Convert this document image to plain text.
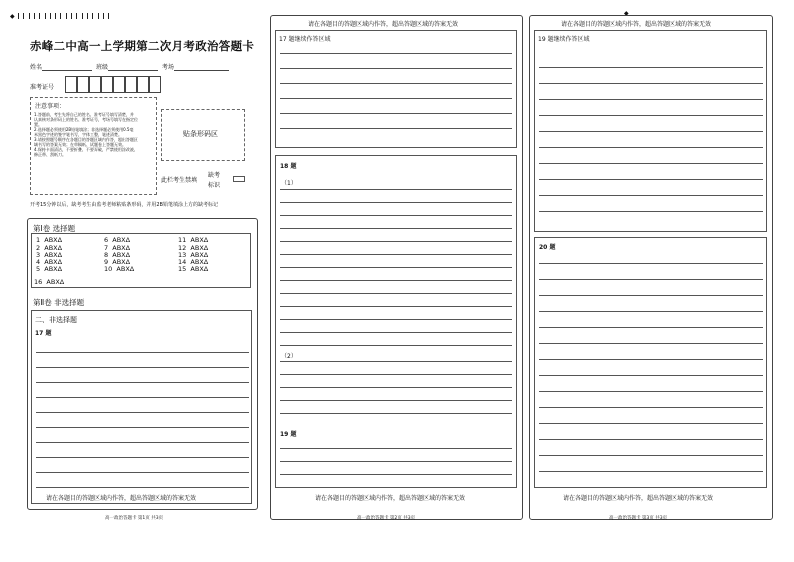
◆
赤峰二中高一上学期第二次月考政治答题卡
姓名	班级	考场
准考证号
注意事项：
1.答题前，考生先将自己的姓名、准考证号填写清楚，并
认真核对条形码上的姓名、准考证号，考场号填写在指定位
置。
2.选择题必须使用2B铅笔填涂；非选择题必须使用0.5毫
米黑色字迹的签字笔书写，字体工整，笔迹清楚。
3.请按照题号顺序在各题目的答题区域内作答，超出答题区
域书写的答案无效；在草稿纸、试题卷上答题无效。
4.保持卡面清洁，不要折叠、不要弄破，严禁使用涂改液、
修正带、刮纸刀。
贴条形码区
此栏考生禁填
缺考
标识
开考15分钟以后，缺考考生由监考老师粘贴条形码，并用2B铅笔填涂上方的缺考标记
第Ⅰ卷 选择题
1 ABXΔ
2 ABXΔ
3 ABXΔ
4 ABXΔ
5 ABXΔ
16 ABXΔ
6 ABXΔ
7 ABXΔ
8 ABXΔ
9 ABXΔ
10 ABXΔ
11 ABXΔ
12 ABXΔ
13 ABXΔ
14 ABXΔ
15 ABXΔ
第Ⅱ卷 非选择题
二、非选择题
17 题
请在各题目的答题区域内作答，超出答题区域的答案无效
高一政治答题卡 第1页 共3页
请在各题目的答题区域内作答，超出答题区域的答案无效
17 题继续作答区域
18 题
（1）
（2）
19 题
请在各题目的答题区域内作答，超出答题区域的答案无效
高一政治答题卡 第2页 共3页
◆
请在各题目的答题区域内作答，超出答题区域的答案无效
19 题继续作答区域
20 题
请在各题目的答题区域内作答，超出答题区域的答案无效
高一政治答题卡 第3页 共3页
